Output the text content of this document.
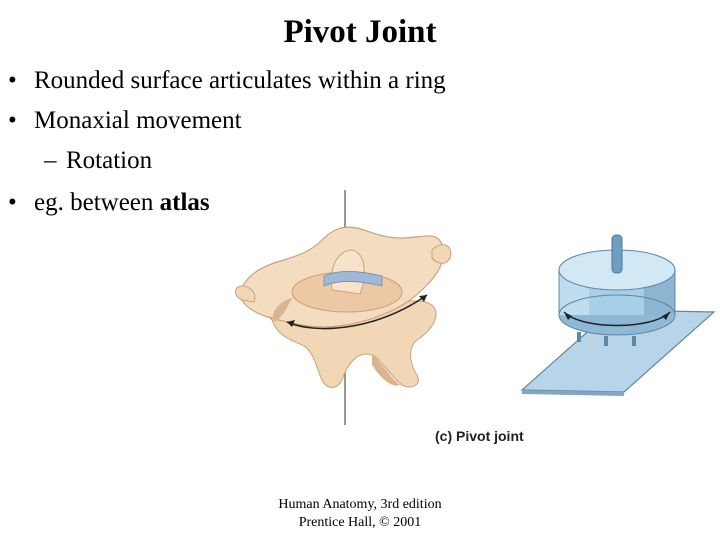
Pivot Joint
• Rounded surface articulates within a ring
• Monaxial movement
– Rotation
• eg. between atlas
(c) Pivot joint
Human Anatomy, 3rd edition
Prentice Hall, © 2001
